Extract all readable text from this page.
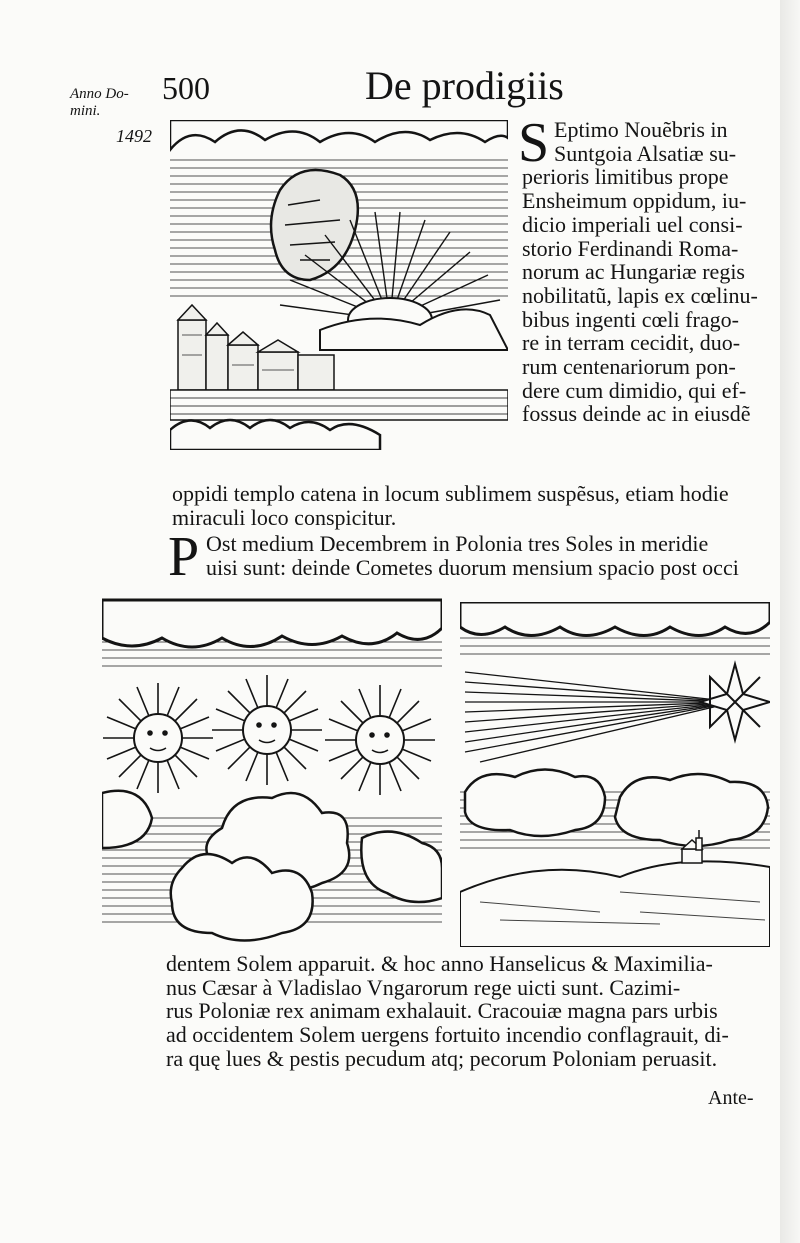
Anno Do-
mini.
1492
500	De prodigiis
S Eptimo Nouẽbris in

Suntgoia Alsatiæ su-

perioris limitibus prope

Ensheimum oppidum, iu-

dicio imperiali uel consi-

storio Ferdinandi Roma-

norum ac Hungariæ regis

nobilitatũ, lapis ex cœlinu-

bibus ingenti cœli frago-

re in terram cecidit, duo-

rum centenariorum pon-

dere cum dimidio, qui ef-

fossus deinde ac in eiusdẽ

oppidi templo catena in locum sublimem suspẽsus, etiam hodie

miraculi loco conspicitur.

P Ost medium Decembrem in Polonia tres Soles in meridie

uisi sunt: deinde Cometes duorum mensium spacio post occi

dentem Solem apparuit. & hoc anno Hanselicus & Maximilia-

nus Cæsar à Vladislao Vngarorum rege uicti sunt. Cazimi-

rus Poloniæ rex animam exhalauit. Cracouiæ magna pars urbis

ad occidentem Solem uergens fortuito incendio conflagrauit, di-

ra quę lues & pestis pecudum atq; pecorum Poloniam peruasit.

Ante-
